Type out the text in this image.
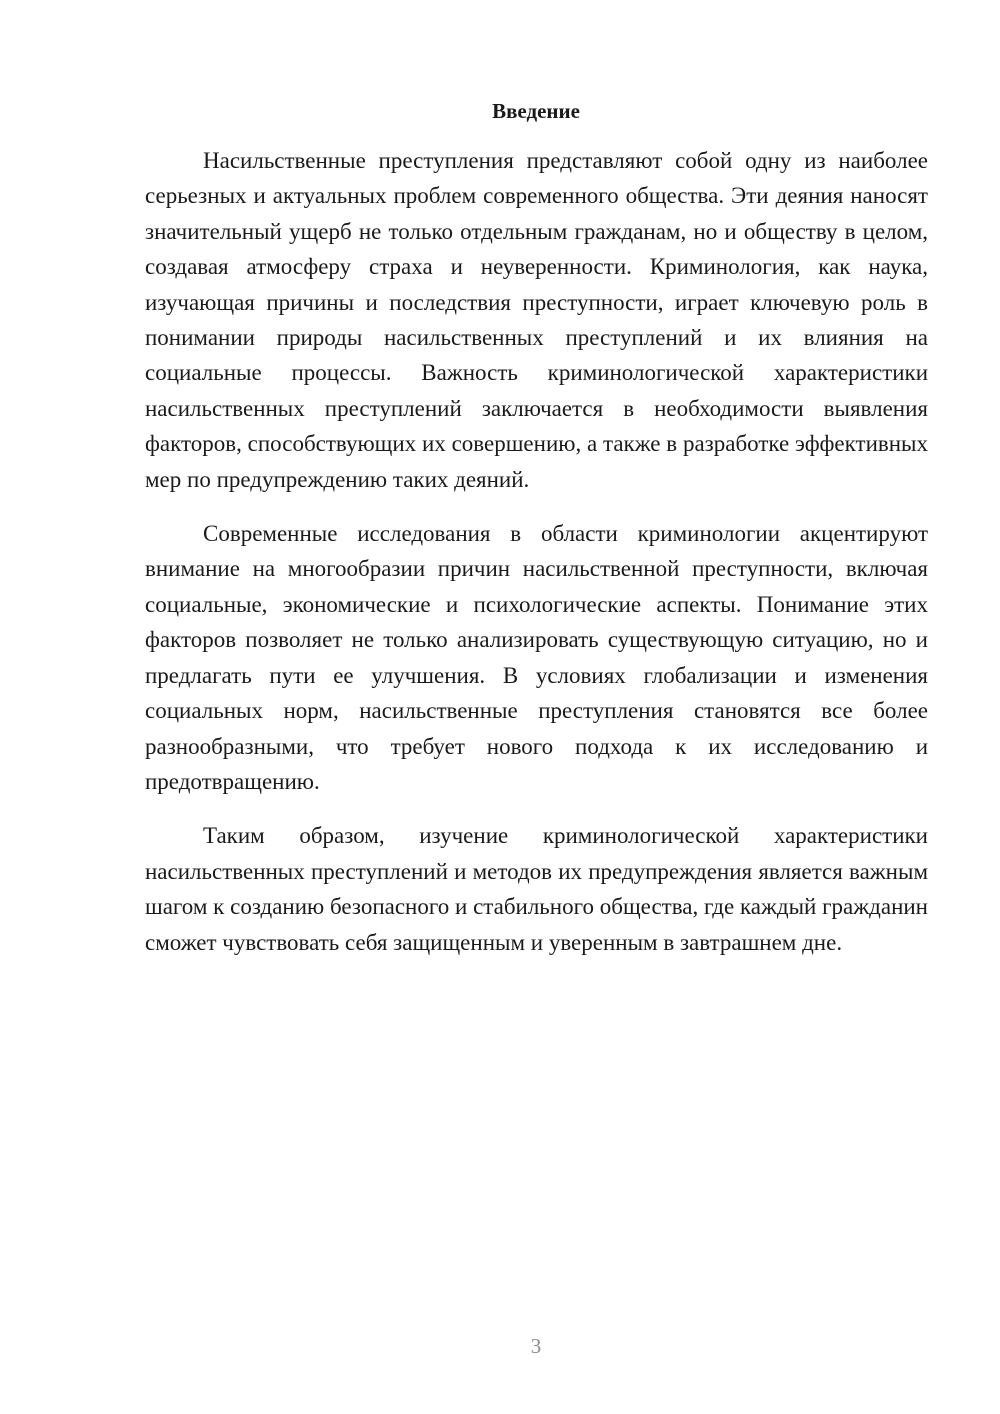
Введение

Насильственные преступления представляют собой одну из наиболее серьезных и актуальных проблем современного общества. Эти деяния наносят значительный ущерб не только отдельным гражданам, но и обществу в целом, создавая атмосферу страха и неуверенности. Криминология, как наука, изучающая причины и последствия преступности, играет ключевую роль в понимании природы насильственных преступлений и их влияния на социальные процессы. Важность криминологической характеристики насильственных преступлений заключается в необходимости выявления факторов, способствующих их совершению, а также в разработке эффективных мер по предупреждению таких деяний.

Современные исследования в области криминологии акцентируют внимание на многообразии причин насильственной преступности, включая социальные, экономические и психологические аспекты. Понимание этих факторов позволяет не только анализировать существующую ситуацию, но и предлагать пути ее улучшения. В условиях глобализации и изменения социальных норм, насильственные преступления становятся все более разнообразными, что требует нового подхода к их исследованию и предотвращению.

Таким образом, изучение криминологической характеристики насильственных преступлений и методов их предупреждения является важным шагом к созданию безопасного и стабильного общества, где каждый гражданин сможет чувствовать себя защищенным и уверенным в завтрашнем дне.

3
